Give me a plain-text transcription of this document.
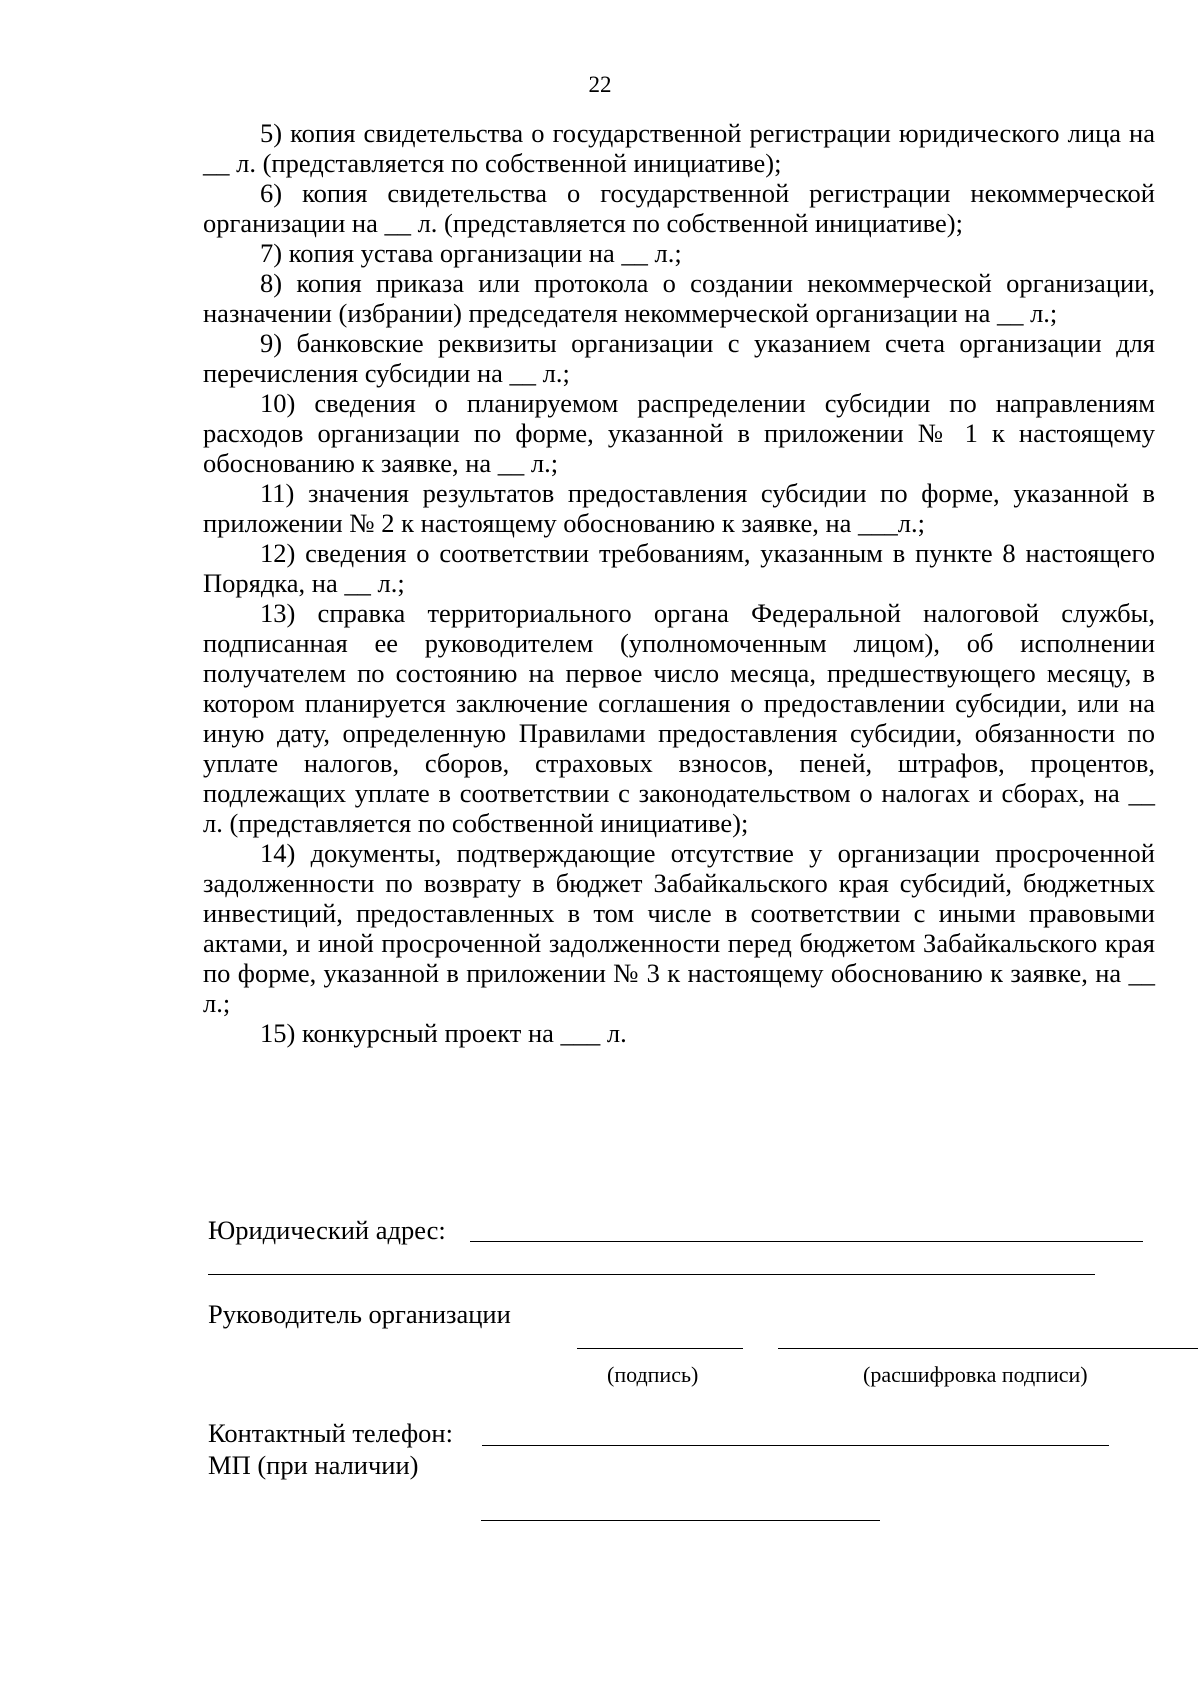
22

5) копия свидетельства о государственной регистрации юридического лица на __ л. (представляется по собственной инициативе);

6) копия свидетельства о государственной регистрации некоммерческой организации на __ л. (представляется по собственной инициативе);

7) копия устава организации на __ л.;

8) копия приказа или протокола о создании некоммерческой организации, назначении (избрании) председателя некоммерческой организации на __ л.;

9) банковские реквизиты организации с указанием счета организации для перечисления субсидии на __ л.;

10) сведения о планируемом распределении субсидии по направлениям расходов организации по форме, указанной в приложении № 1 к настоящему обоснованию к заявке, на __ л.;

11) значения результатов предоставления субсидии по форме, указанной в приложении № 2 к настоящему обоснованию к заявке, на ___л.;

12) сведения о соответствии требованиям, указанным в пункте 8 настоящего Порядка, на __ л.;

13) справка территориального органа Федеральной налоговой службы, подписанная ее руководителем (уполномоченным лицом), об исполнении получателем по состоянию на первое число месяца, предшествующего месяцу, в котором планируется заключение соглашения о предоставлении субсидии, или на иную дату, определенную Правилами предоставления субсидии, обязанности по уплате налогов, сборов, страховых взносов, пеней, штрафов, процентов, подлежащих уплате в соответствии с законодательством о налогах и сборах, на __ л. (представляется по собственной инициативе);

14) документы, подтверждающие отсутствие у организации просроченной задолженности по возврату в бюджет Забайкальского края субсидий, бюджетных инвестиций, предоставленных в том числе в соответствии с иными правовыми актами, и иной просроченной задолженности перед бюджетом Забайкальского края по форме, указанной в приложении № 3 к настоящему обоснованию к заявке, на __ л.;

15) конкурсный проект на ___ л.

Юридический адрес:
Руководитель организации
(подпись)	(расшифровка подписи)
Контактный телефон:
МП (при наличии)
